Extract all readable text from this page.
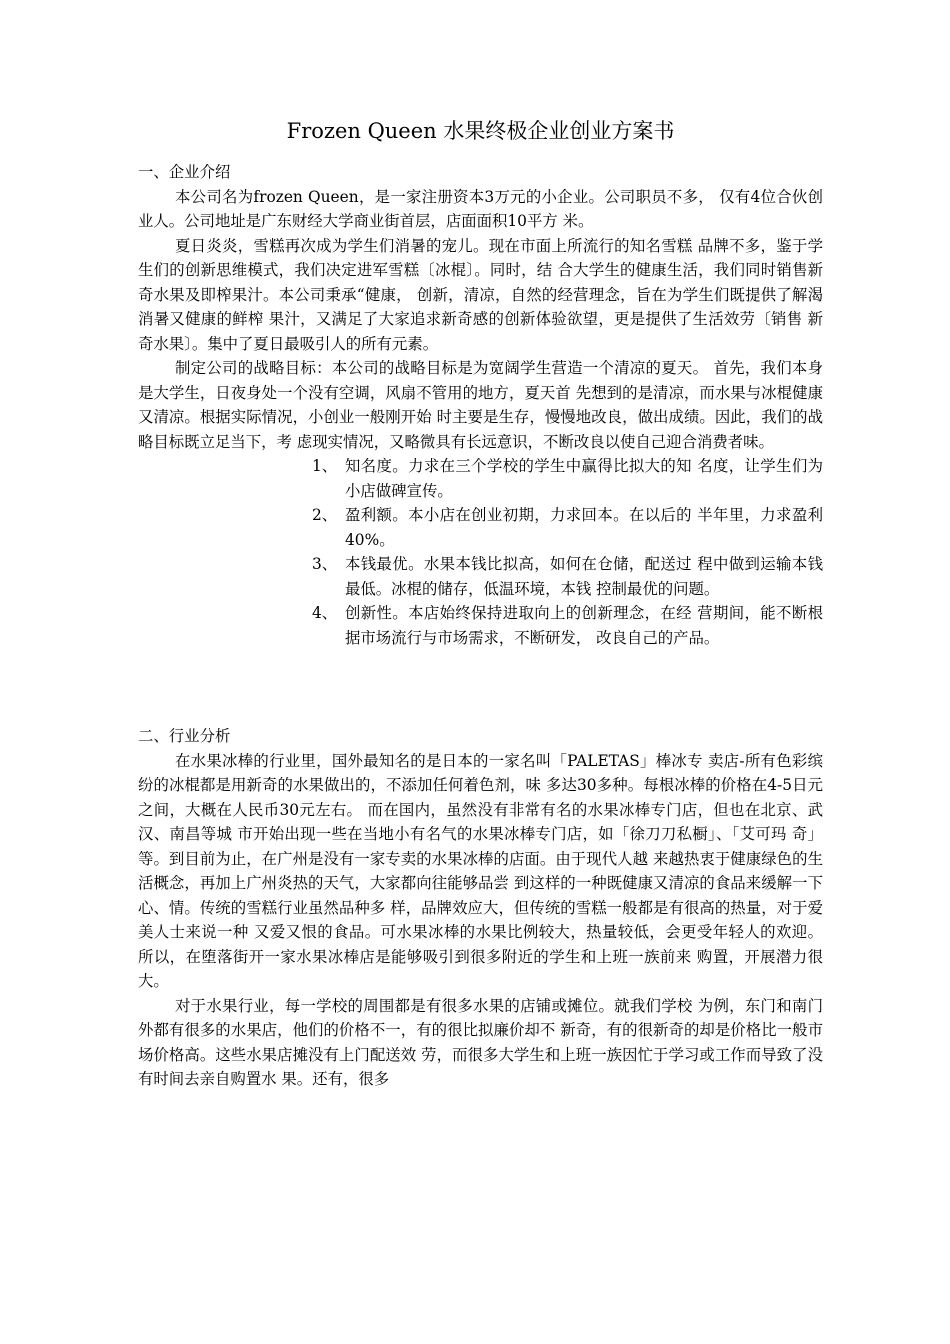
Frozen Queen 水果终极企业创业方案书

一、企业介绍

本公司名为frozen Queen，是一家注册资本3万元的小企业。公司职员不多， 仅有4位合伙创业人。公司地址是广东财经大学商业街首层，店面面积10平方 米。

夏日炎炎，雪糕再次成为学生们消暑的宠儿。现在市面上所流行的知名雪糕 品牌不多，鉴于学生们的创新思维模式，我们决定进军雪糕〔冰棍〕。同时，结 合大学生的健康生活，我们同时销售新奇水果及即榨果汁。本公司秉承“健康， 创新，清凉，自然的经营理念，旨在为学生们既提供了解渴消暑又健康的鲜榨 果汁，又满足了大家追求新奇感的创新体验欲望，更是提供了生活效劳〔销售 新奇水果〕。集中了夏日最吸引人的所有元素。

制定公司的战略目标：本公司的战略目标是为宽阔学生营造一个清凉的夏天。 首先，我们本身是大学生，日夜身处一个没有空调，风扇不管用的地方，夏天首 先想到的是清凉，而水果与冰棍健康又清凉。根据实际情况，小创业一般刚开始 时主要是生存，慢慢地改良，做出成绩。因此，我们的战略目标既立足当下，考 虑现实情况，又略微具有长远意识，不断改良以使自己迎合消费者味。

1、 知名度。力求在三个学校的学生中赢得比拟大的知 名度，让学生们为小店做碑宣传。
2、 盈利额。本小店在创业初期，力求回本。在以后的 半年里，力求盈利40%。
3、 本钱最优。水果本钱比拟高，如何在仓储，配送过 程中做到运输本钱最低。冰棍的储存，低温环境，本钱 控制最优的问题。
4、 创新性。本店始终保持进取向上的创新理念，在经 营期间，能不断根据市场流行与市场需求，不断研发， 改良自己的产品。

二、行业分析

在水果冰棒的行业里，国外最知名的是日本的一家名叫「PALETAS」棒冰专 卖店-所有色彩缤纷的冰棍都是用新奇的水果做出的，不添加任何着色剂，味 多达30多种。每根冰棒的价格在4-5日元之间，大概在人民币30元左右。 而在国内，虽然没有非常有名的水果冰棒专门店，但也在北京、武汉、南昌等城 市开始出现一些在当地小有名气的水果冰棒专门店，如「徐刀刀私橱」、「艾可玛 奇」等。到目前为止，在广州是没有一家专卖的水果冰棒的店面。由于现代人越 来越热衷于健康绿色的生活概念，再加上广州炎热的天气，大家都向往能够品尝 到这样的一种既健康又清凉的食品来缓解一下心、情。传统的雪糕行业虽然品种多 样，品牌效应大，但传统的雪糕一般都是有很高的热量，对于爱美人士来说一种 又爱又恨的食品。可水果冰棒的水果比例较大，热量较低，会更受年轻人的欢迎。 所以，在堕落街开一家水果冰棒店是能够吸引到很多附近的学生和上班一族前来 购置，开展潜力很大。

对于水果行业，每一学校的周围都是有很多水果的店铺或摊位。就我们学校 为例，东门和南门外都有很多的水果店，他们的价格不一，有的很比拟廉价却不 新奇，有的很新奇的却是价格比一般市场价格高。这些水果店摊没有上门配送效 劳，而很多大学生和上班一族因忙于学习或工作而导致了没有时间去亲自购置水 果。还有，很多
